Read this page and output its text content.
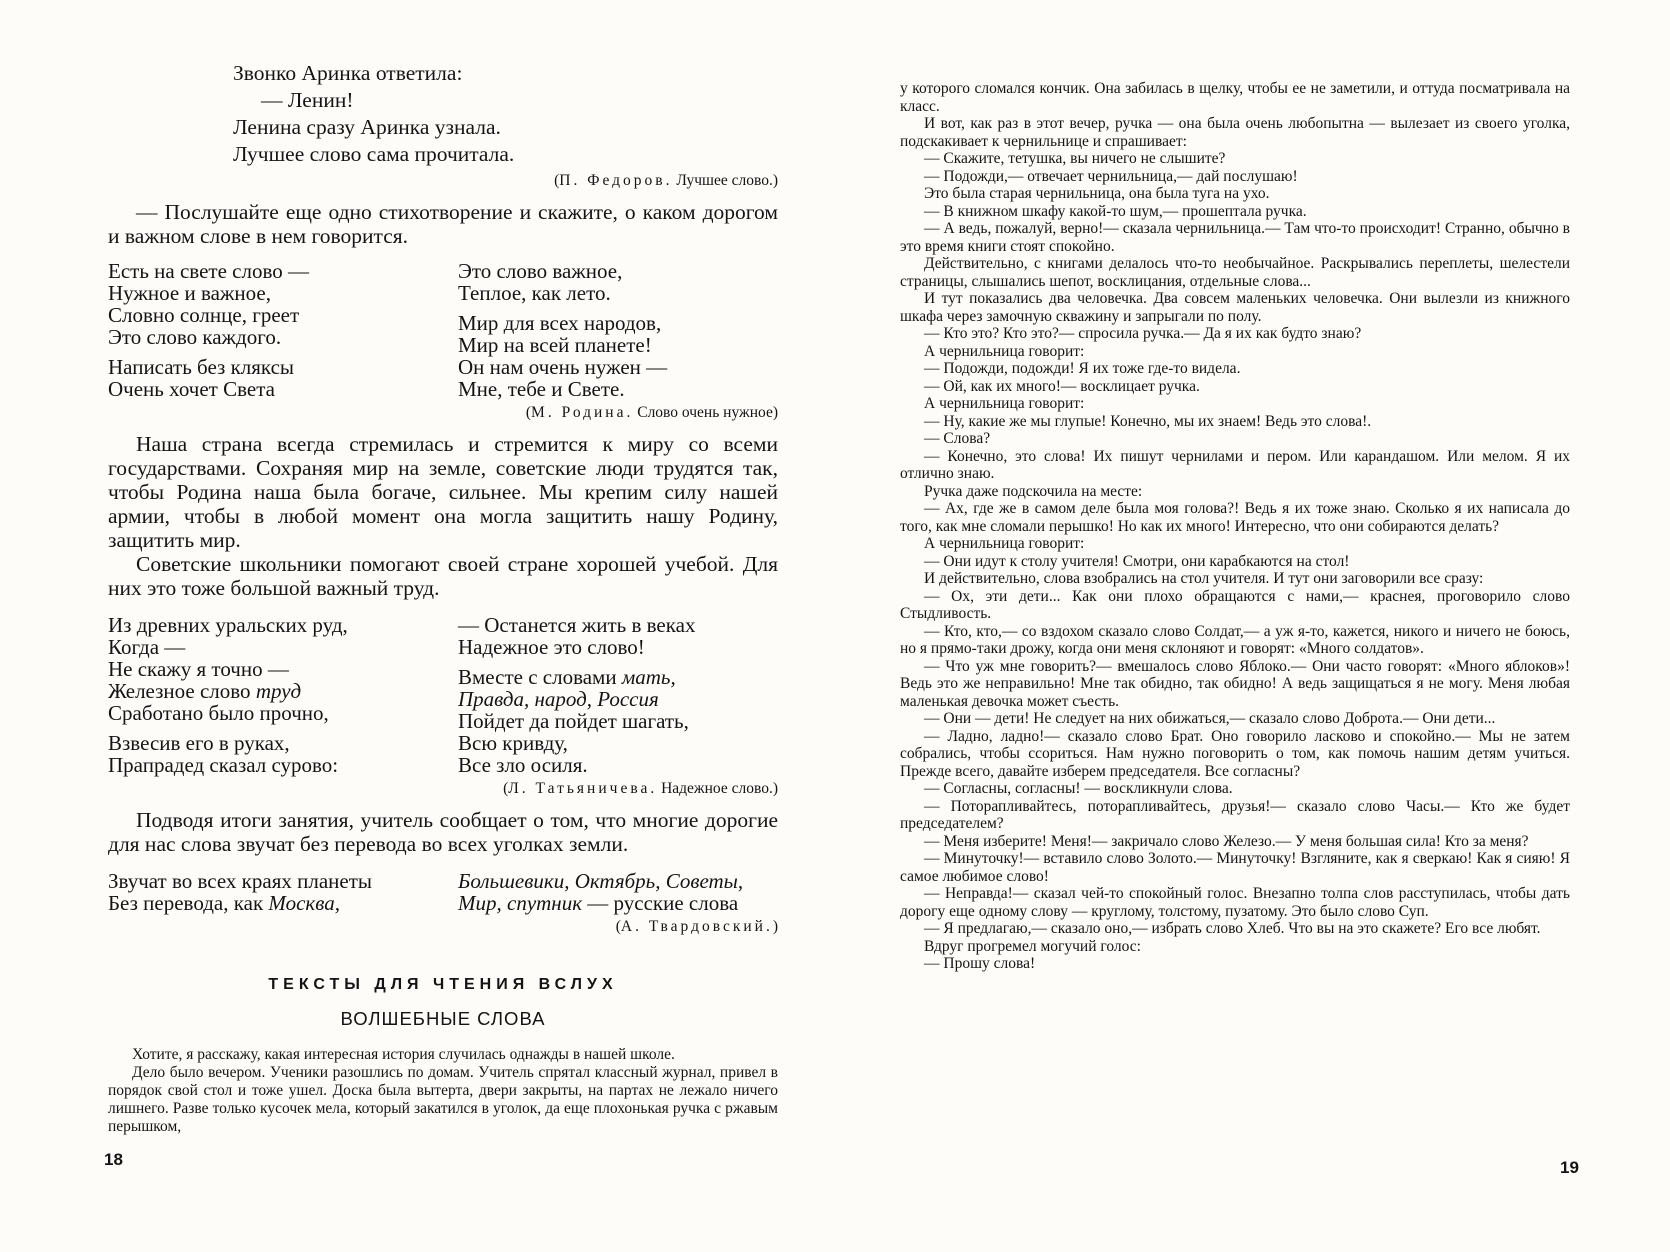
Звонко Аринка ответила:
— Ленин!
Ленина сразу Аринка узнала.
Лучшее слово сама прочитала.
(П. Федоров. Лучшее слово.)

— Послушайте еще одно стихотворение и скажите, о каком дорогом и важном слове в нем говорится.

Есть на свете слово —
Нужное и важное,
Словно солнце, греет
Это слово каждого.
Написать без кляксы
Очень хочет Света
Это слово важное,
Теплое, как лето.
Мир для всех народов,
Мир на всей планете!
Он нам очень нужен —
Мне, тебе и Свете.
(М. Родина. Слово очень нужное)

Наша страна всегда стремилась и стремится к миру со всеми государствами. Сохраняя мир на земле, советские люди трудятся так, чтобы Родина наша была богаче, сильнее. Мы крепим силу нашей армии, чтобы в любой момент она могла защитить нашу Родину, защитить мир.

Советские школьники помогают своей стране хорошей учебой. Для них это тоже большой важный труд.

Из древних уральских руд,
Когда —
Не скажу я точно —
Железное слово труд
Сработано было прочно,
Взвесив его в руках,
Прапрадед сказал сурово:
— Останется жить в веках
Надежное это слово!
Вместе с словами мать,
Правда, народ, Россия
Пойдет да пойдет шагать,
Всю кривду,
Все зло осиля.
(Л. Татьяничева. Надежное слово.)

Подводя итоги занятия, учитель сообщает о том, что многие дорогие для нас слова звучат без перевода во всех уголках земли.

Звучат во всех краях планеты
Без перевода, как Москва,
Большевики, Октябрь, Советы,
Мир, спутник — русские слова
(А. Твардовский.)
ТЕКСТЫ ДЛЯ ЧТЕНИЯ ВСЛУХ
ВОЛШЕБНЫЕ СЛОВА

Хотите, я расскажу, какая интересная история случилась однажды в нашей школе.

Дело было вечером. Ученики разошлись по домам. Учитель спрятал классный журнал, привел в порядок свой стол и тоже ушел. Доска была вытерта, двери закрыты, на партах не лежало ничего лишнего. Разве только кусочек мела, который закатился в уголок, да еще плохонькая ручка с ржавым перышком,

18

у которого сломался кончик. Она забилась в щелку, чтобы ее не заметили, и оттуда посматривала на класс.

И вот, как раз в этот вечер, ручка — она была очень любопытна — вылезает из своего уголка, подскакивает к чернильнице и спрашивает:

— Скажите, тетушка, вы ничего не слышите?

— Подожди,— отвечает чернильница,— дай послушаю!

Это была старая чернильница, она была туга на ухо.

— В книжном шкафу какой-то шум,— прошептала ручка.

— А ведь, пожалуй, верно!— сказала чернильница.— Там что-то происходит! Странно, обычно в это время книги стоят спокойно.

Действительно, с книгами делалось что-то необычайное. Раскрывались переплеты, шелестели страницы, слышались шепот, восклицания, отдельные слова...

И тут показались два человечка. Два совсем маленьких человечка. Они вылезли из книжного шкафа через замочную скважину и запрыгали по полу.

— Кто это? Кто это?— спросила ручка.— Да я их как будто знаю?

А чернильница говорит:

— Подожди, подожди! Я их тоже где-то видела.

— Ой, как их много!— восклицает ручка.

А чернильница говорит:

— Ну, какие же мы глупые! Конечно, мы их знаем! Ведь это слова!.

— Слова?

— Конечно, это слова! Их пишут чернилами и пером. Или карандашом. Или мелом. Я их отлично знаю.

Ручка даже подскочила на месте:

— Ах, где же в самом деле была моя голова?! Ведь я их тоже знаю. Сколько я их написала до того, как мне сломали перышко! Но как их много! Интересно, что они собираются делать?

А чернильница говорит:

— Они идут к столу учителя! Смотри, они карабкаются на стол!

И действительно, слова взобрались на стол учителя. И тут они заговорили все сразу:

— Ох, эти дети... Как они плохо обращаются с нами,— краснея, проговорило слово Стыдливость.

— Кто, кто,— со вздохом сказало слово Солдат,— а уж я-то, кажется, никого и ничего не боюсь, но я прямо-таки дрожу, когда они меня склоняют и говорят: «Много солдатов».

— Что уж мне говорить?— вмешалось слово Яблоко.— Они часто говорят: «Много яблоков»! Ведь это же неправильно! Мне так обидно, так обидно! А ведь защищаться я не могу. Меня любая маленькая девочка может съесть.

— Они — дети! Не следует на них обижаться,— сказало слово Доброта.— Они дети...

— Ладно, ладно!— сказало слово Брат. Оно говорило ласково и спокойно.— Мы не затем собрались, чтобы ссориться. Нам нужно поговорить о том, как помочь нашим детям учиться. Прежде всего, давайте изберем председателя. Все согласны?

— Согласны, согласны! — воскликнули слова.

— Поторапливайтесь, поторапливайтесь, друзья!— сказало слово Часы.— Кто же будет председателем?

— Меня изберите! Меня!— закричало слово Железо.— У меня большая сила! Кто за меня?

— Минуточку!— вставило слово Золото.— Минуточку! Взгляните, как я сверкаю! Как я сияю! Я самое любимое слово!

— Неправда!— сказал чей-то спокойный голос. Внезапно толпа слов расступилась, чтобы дать дорогу еще одному слову — круглому, толстому, пузатому. Это было слово Суп.

— Я предлагаю,— сказало оно,— избрать слово Хлеб. Что вы на это скажете? Его все любят.

Вдруг прогремел могучий голос:

— Прошу слова!

19
